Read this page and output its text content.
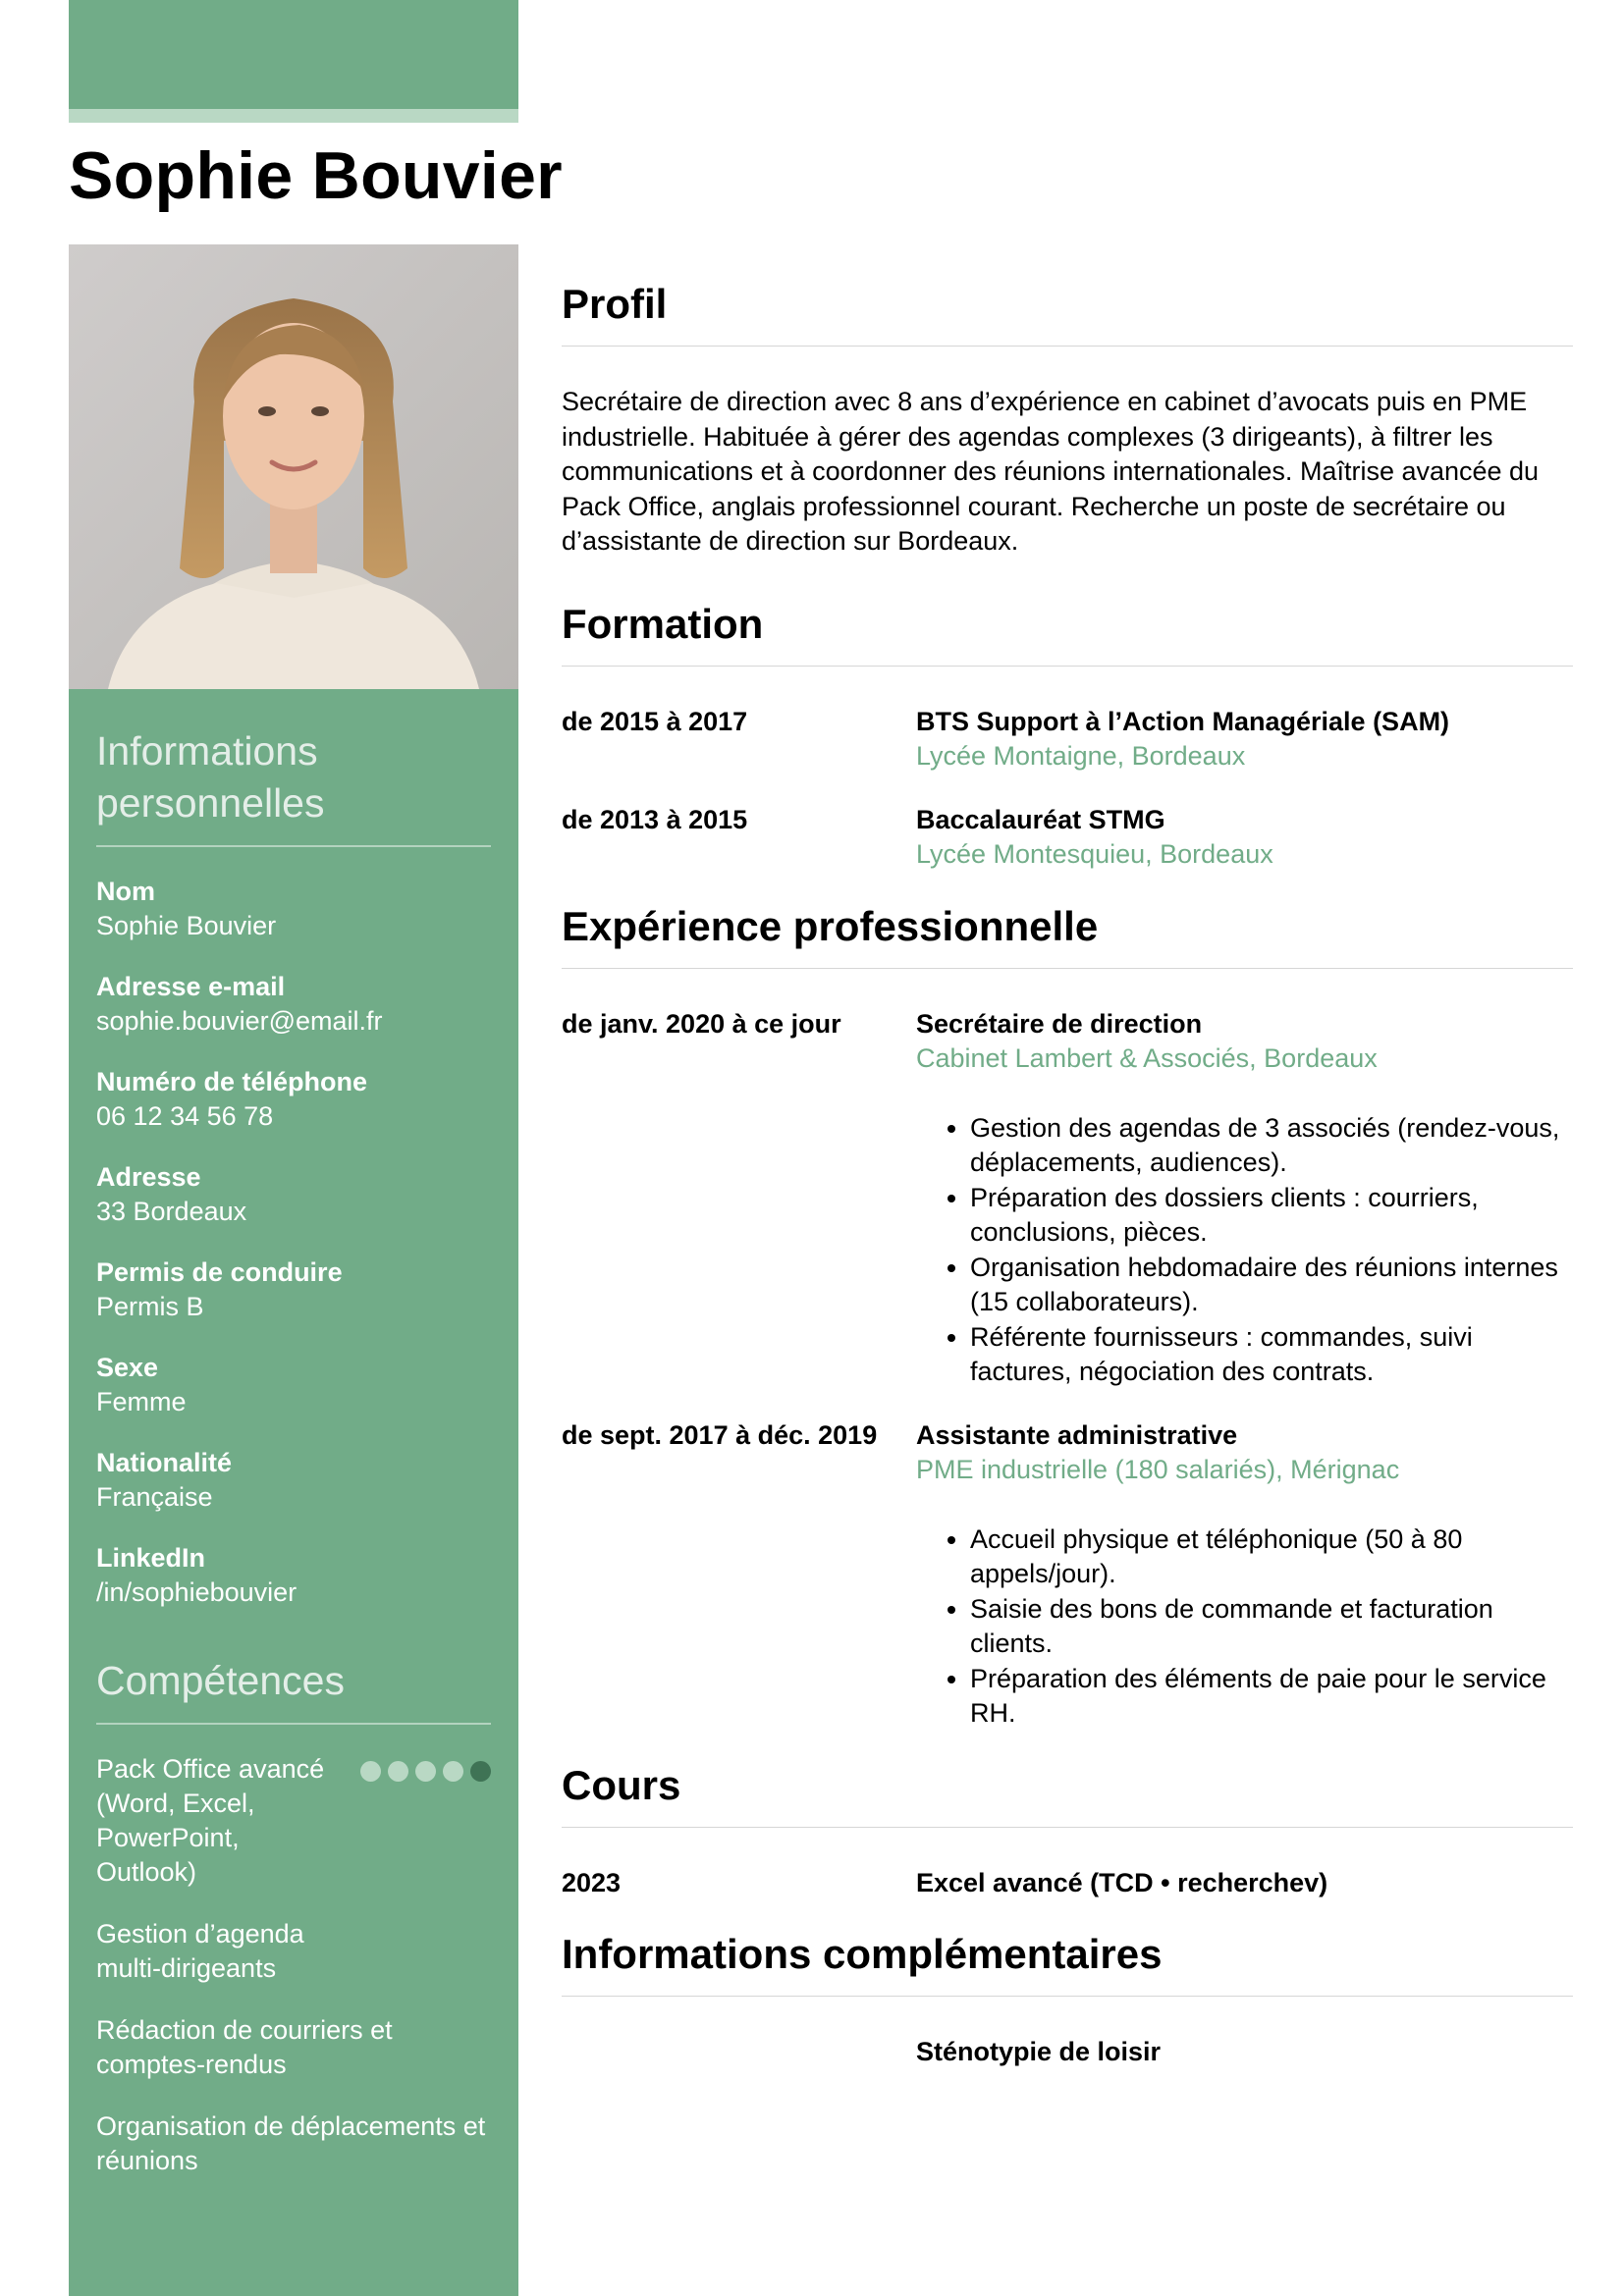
Sophie Bouvier
Informations personnelles
Nom
Sophie Bouvier
Adresse e-mail
sophie.bouvier@email.fr
Numéro de téléphone
06 12 34 56 78
Adresse
33 Bordeaux
Permis de conduire
Permis B
Sexe
Femme
Nationalité
Française
LinkedIn
/in/sophiebouvier
Compétences
Pack Office avancé (Word, Excel, PowerPoint, Outlook)
Gestion d’agenda multi-dirigeants
Rédaction de courriers et comptes-rendus
Organisation de déplacements et réunions
Profil

Secrétaire de direction avec 8 ans d’expérience en cabinet d’avocats puis en PME industrielle. Habituée à gérer des agendas complexes (3 dirigeants), à filtrer les communications et à coordonner des réunions internationales. Maîtrise avancée du Pack Office, anglais professionnel courant. Recherche un poste de secrétaire ou d’assistante de direction sur Bordeaux.

Formation
de 2015 à 2017	BTS Support à l’Action Managériale (SAM)
Lycée Montaigne, Bordeaux
de 2013 à 2015	Baccalauréat STMG
Lycée Montesquieu, Bordeaux
Expérience professionnelle
de janv. 2020 à ce jour	Secrétaire de direction
Cabinet Lambert & Associés, Bordeaux
• Gestion des agendas de 3 associés (rendez-vous, déplacements, audiences).
• Préparation des dossiers clients : courriers, conclusions, pièces.
• Organisation hebdomadaire des réunions internes (15 collaborateurs).
• Référente fournisseurs : commandes, suivi factures, négociation des contrats.
de sept. 2017 à déc. 2019	Assistante administrative
PME industrielle (180 salariés), Mérignac
• Accueil physique et téléphonique (50 à 80 appels/jour).
• Saisie des bons de commande et facturation clients.
• Préparation des éléments de paie pour le service RH.
Cours
2023	Excel avancé (TCD • recherchev)
Informations complémentaires
Sténotypie de loisir
